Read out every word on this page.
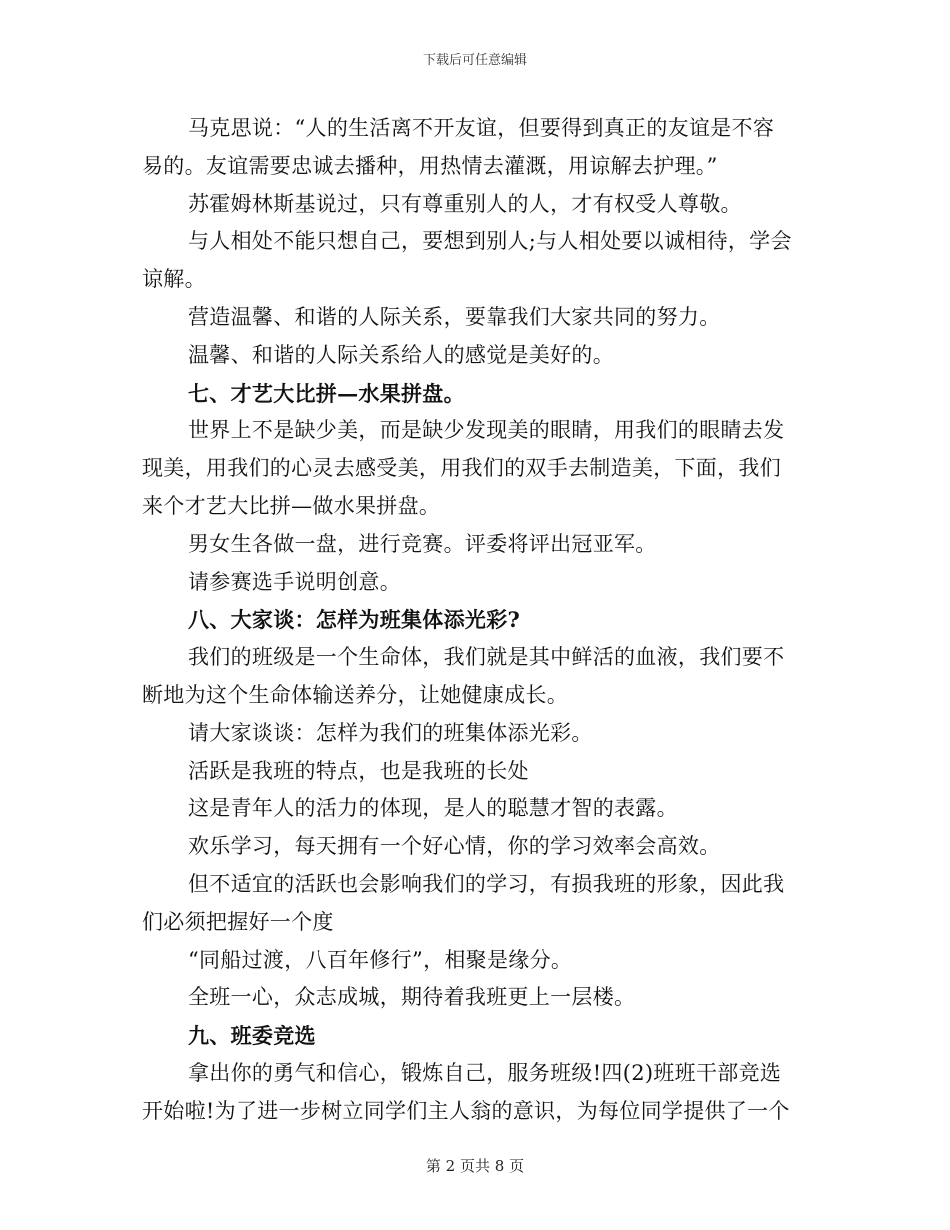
下载后可任意编辑
马克思说：“人的生活离不开友谊，但要得到真正的友谊是不容
易的。友谊需要忠诚去播种，用热情去灌溉，用谅解去护理。”
苏霍姆林斯基说过，只有尊重别人的人，才有权受人尊敬。
与人相处不能只想自己，要想到别人;与人相处要以诚相待，学会
谅解。
营造温馨、和谐的人际关系，要靠我们大家共同的努力。
温馨、和谐的人际关系给人的感觉是美好的。
七、才艺大比拼—水果拼盘。
世界上不是缺少美，而是缺少发现美的眼睛，用我们的眼睛去发
现美，用我们的心灵去感受美，用我们的双手去制造美，下面，我们
来个才艺大比拼—做水果拼盘。
男女生各做一盘，进行竞赛。评委将评出冠亚军。
请参赛选手说明创意。
八、大家谈：怎样为班集体添光彩?
我们的班级是一个生命体，我们就是其中鲜活的血液，我们要不
断地为这个生命体输送养分，让她健康成长。
请大家谈谈：怎样为我们的班集体添光彩。
活跃是我班的特点，也是我班的长处
这是青年人的活力的体现，是人的聪慧才智的表露。
欢乐学习，每天拥有一个好心情，你的学习效率会高效。
但不适宜的活跃也会影响我们的学习，有损我班的形象，因此我
们必须把握好一个度
“同船过渡，八百年修行”，相聚是缘分。
全班一心，众志成城，期待着我班更上一层楼。
九、班委竞选
拿出你的勇气和信心，锻炼自己，服务班级!四(2)班班干部竞选
开始啦!为了进一步树立同学们主人翁的意识，为每位同学提供了一个
第 2 页共 8 页
